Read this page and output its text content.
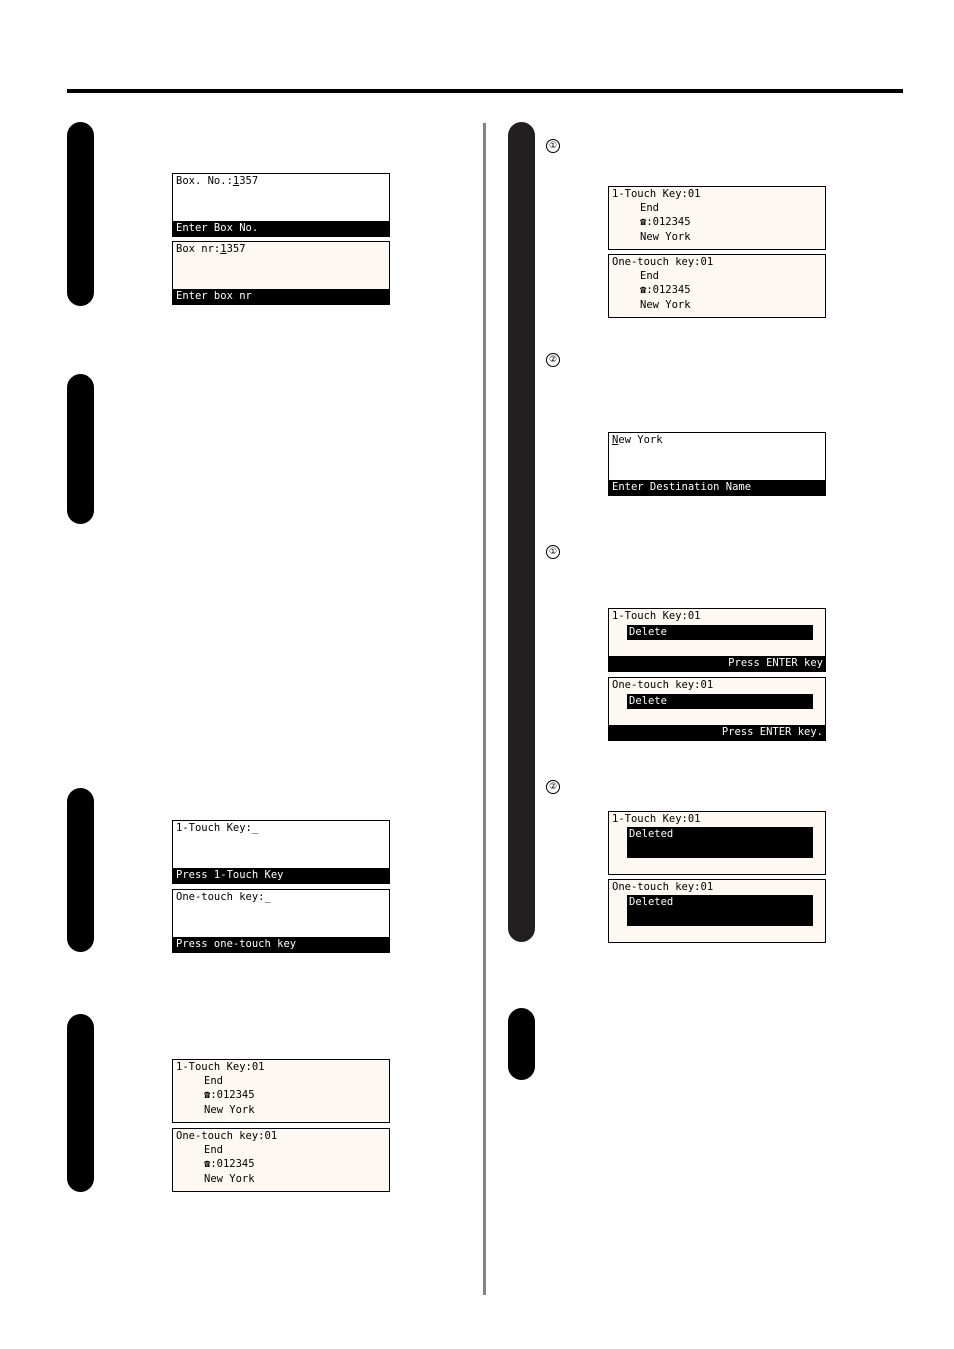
Box. No.:1357
Enter Box No.
Box nr:1357
Enter box nr
1-Touch Key:_
Press 1-Touch Key
One-touch key:_
Press one-touch key
1-Touch Key:01
End
☎:012345
New York
One-touch key:01
End
☎:012345
New York
①
②
①
②
1-Touch Key:01
End
☎:012345
New York
One-touch key:01
End
☎:012345
New York
New York
Enter Destination Name
1-Touch Key:01
Delete
Press ENTER key
One-touch key:01
Delete
Press ENTER key.
1-Touch Key:01
Deleted
One-touch key:01
Deleted
